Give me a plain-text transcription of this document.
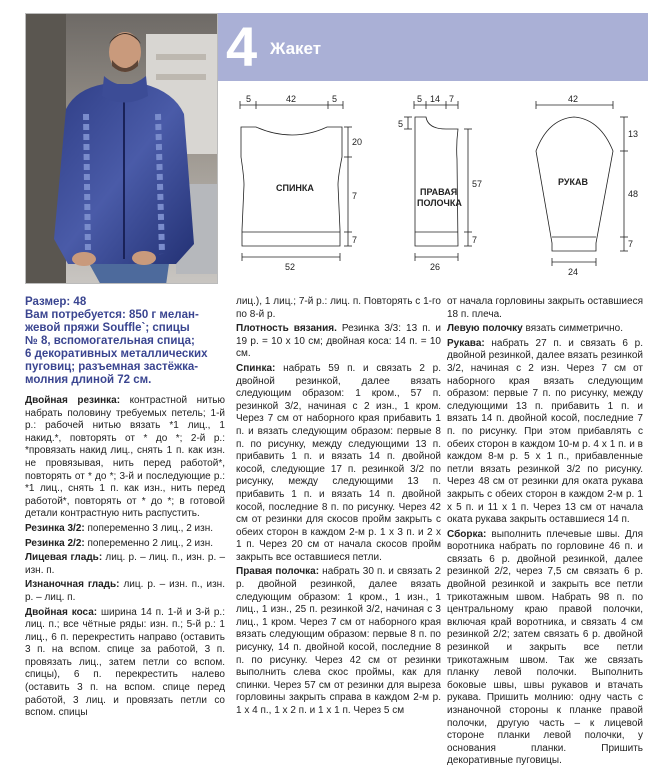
4 Жакет
5	42	5
20
7
7
52
СПИНКА
5 14 7
5
57
7
26
ПРАВАЯ
ПОЛОЧКА
42
13
48
7
24
РУКАВ
Размер: 48
Вам потребуется: 850 г мелан-
жевой пряжи Souffle`; спицы
№ 8, вспомогательная спица;
6 декоративных металлических
пуговиц; разъемная застёжка-
молния длиной 72 см.

Двойная резинка: контрастной нитью набрать половину требуемых петель; 1-й р.: рабочей нитью вязать *1 лиц., 1 накид.*, повторять от * до *; 2-й р.: *провязать накид лиц., снять 1 п. как изн. не провязывая, нить перед работой*, повторять от * до *; 3-й и последующие р.: *1 лиц., снять 1 п. как изн., нить перед работой*, повторять от * до *; в готовой детали контрастную нить распустить.

Резинка 3/2: попеременно 3 лиц., 2 изн.

Резинка 2/2: попеременно 2 лиц., 2 изн.

Лицевая гладь: лиц. р. – лиц. п., изн. р. – изн. п.

Изнаночная гладь: лиц. р. – изн. п., изн. р. – лиц. п.

Двойная коса: ширина 14 п. 1-й и 3-й р.: лиц. п.; все чётные ряды: изн. п.; 5-й р.: 1 лиц., 6 п. перекрестить направо (оставить 3 п. на вспом. спице за работой, 3 п. провязать лиц., затем петли со вспом. спицы), 6 п. перекрестить налево (оставить 3 п. на вспом. спице перед работой, 3 лиц. и провязать петли со вспом. спицы

лиц.), 1 лиц.; 7-й р.: лиц. п. Повторять с 1-го по 8-й р.

Плотность вязания. Резинка 3/3: 13 п. и 19 р. = 10 х 10 см; двойная коса: 14 п. = 10 см.

Спинка: набрать 59 п. и связать 2 р. двойной резинкой, далее вязать следующим образом: 1 кром., 57 п. резинкой 3/2, начиная с 2 изн., 1 кром. Через 7 см от наборного края прибавить 1 п. и вязать следующим образом: первые 8 п. по рисунку, между следующими 13 п. прибавить 1 п. и вязать 14 п. двойной косой, следующие 17 п. резинкой 3/2 по рисунку, между следующими 13 п. прибавить 1 п. и вязать 14 п. двойной косой, последние 8 п. по рисунку. Через 42 см от резинки для скосов пройм закрыть с обеих сторон в каждом 2-м р. 1 х 3 п. и 2 х 1 п. Через 20 см от начала скосов пройм закрыть все оставшиеся петли.

Правая полочка: набрать 30 п. и связать 2 р. двойной резинкой, далее вязать следующим образом: 1 кром., 1 изн., 1 лиц., 1 изн., 25 п. резинкой 3/2, начиная с 3 лиц., 1 кром. Через 7 см от наборного края вязать следующим образом: первые 8 п. по рисунку, 14 п. двойной косой, последние 8 п. по рисунку. Через 42 см от резинки выполнить слева скос проймы, как для спинки. Через 57 см от резинки для выреза горловины закрыть справа в каждом 2-м р. 1 х 4 п., 1 х 2 п. и 1 х 1 п. Через 5 см

от начала горловины закрыть оставшиеся 18 п. плеча.

Левую полочку вязать симметрично.

Рукава: набрать 27 п. и связать 6 р. двойной резинкой, далее вязать резинкой 3/2, начиная с 2 изн. Через 7 см от наборного края вязать следующим образом: первые 7 п. по рисунку, между следующими 13 п. прибавить 1 п. и вязать 14 п. двойной косой, последние 7 п. по рисунку. При этом прибавлять с обеих сторон в каждом 10-м р. 4 х 1 п. и в каждом 8-м р. 5 х 1 п., прибавленные петли вязать резинкой 3/2 по рисунку. Через 48 см от резинки для оката рукава закрыть с обеих сторон в каждом 2-м р. 1 х 5 п. и 11 х 1 п. Через 13 см от начала оката рукава закрыть оставшиеся 14 п.

Сборка: выполнить плечевые швы. Для воротника набрать по горловине 46 п. и связать 6 р. двойной резинкой, далее резинкой 2/2, через 7,5 см связать 6 р. двойной резинкой и закрыть все петли трикотажным швом. Набрать 98 п. по центральному краю правой полочки, включая край воротника, и связать 4 см резинкой 2/2; затем связать 6 р. двойной резинкой и закрыть все петли трикотажным швом. Так же связать планку левой полочки. Выполнить боковые швы, швы рукавов и втачать рукава. Пришить молнию: одну часть с изнаночной стороны к планке правой полочки, другую часть – к лицевой стороне планки левой полочки, у основания планки. Пришить декоративные пуговицы.
